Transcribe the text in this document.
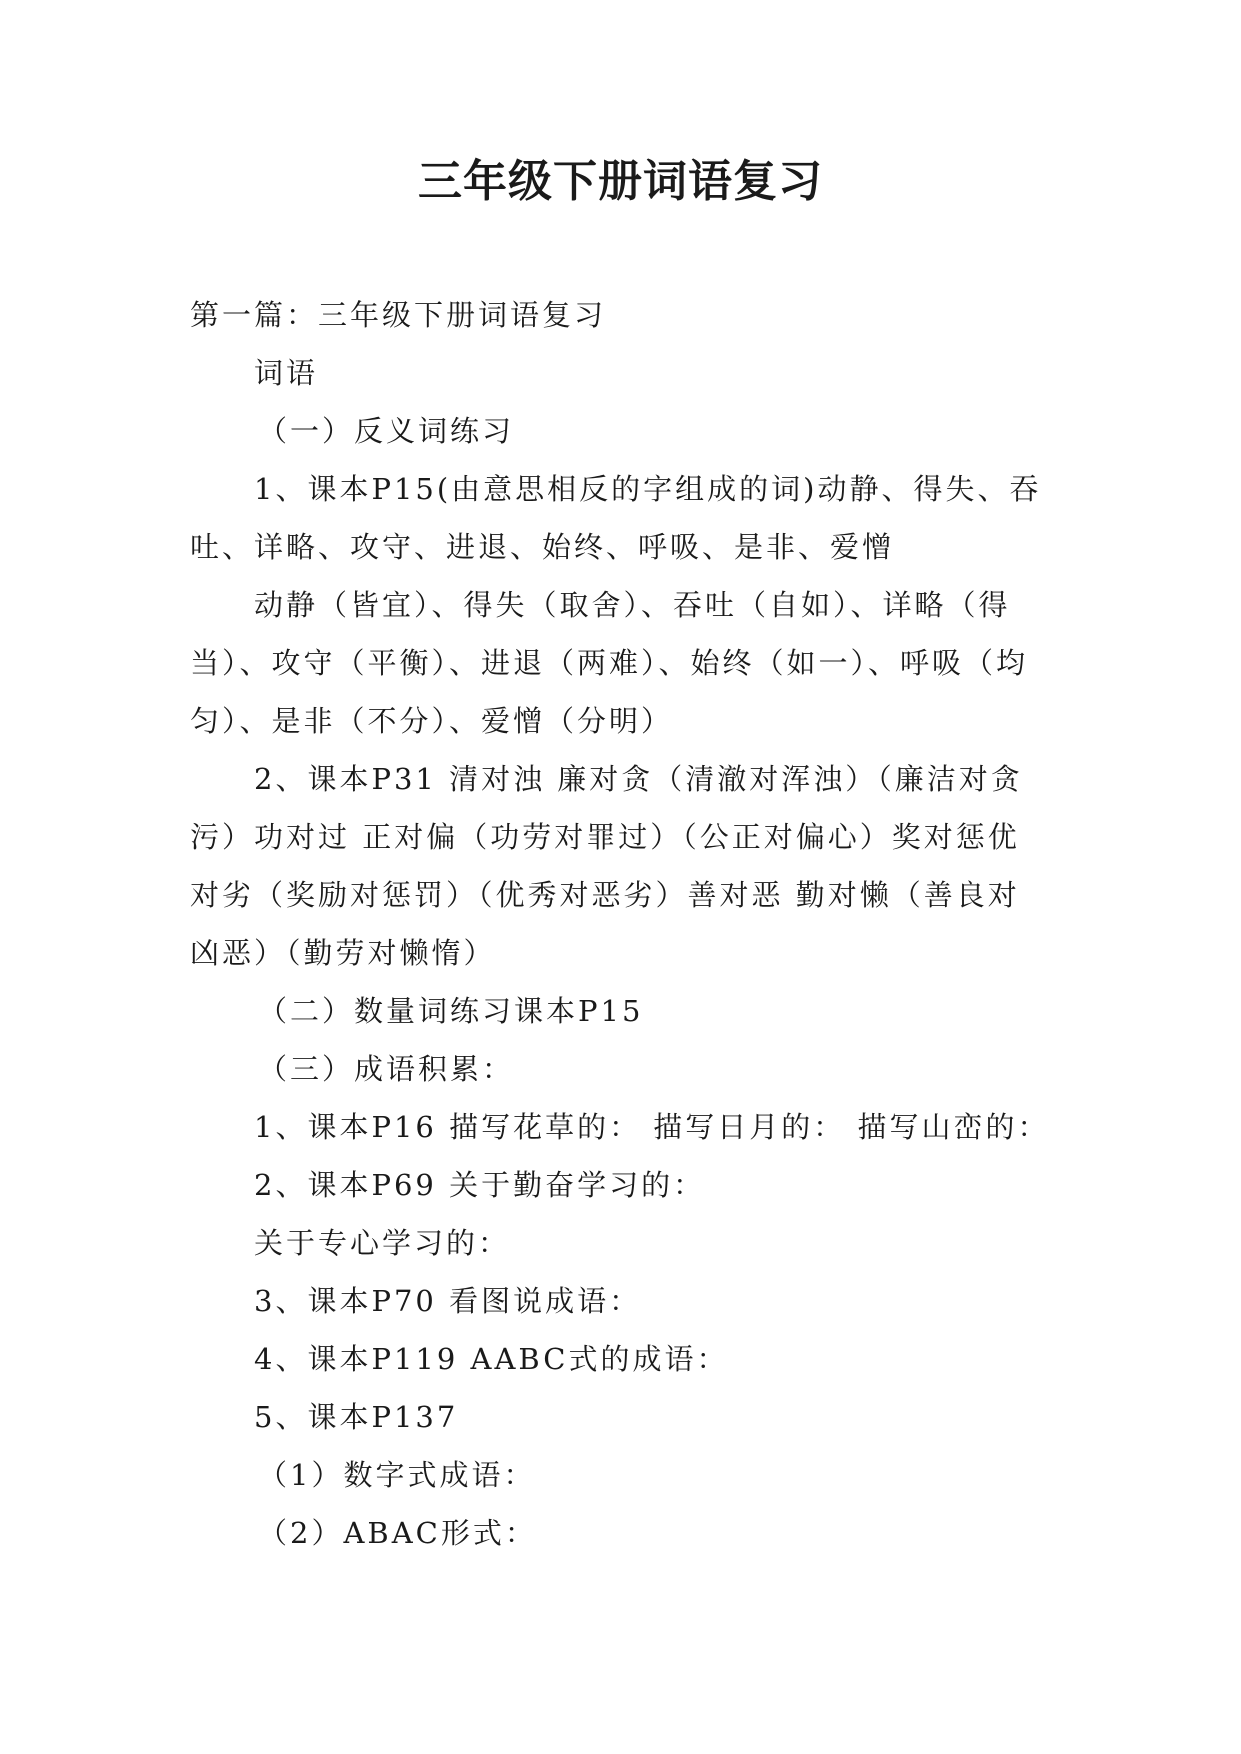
三年级下册词语复习

第一篇：三年级下册词语复习

词语

（一）反义词练习

1、课本P15(由意思相反的字组成的词)动静、得失、吞吐、详略、攻守、进退、始终、呼吸、是非、爱憎

动静（皆宜）、得失（取舍）、吞吐（自如）、详略（得当）、攻守（平衡）、进退（两难）、始终（如一）、呼吸（均匀）、是非（不分）、爱憎（分明）

2、课本P31 清对浊 廉对贪（清澈对浑浊）（廉洁对贪污）功对过 正对偏（功劳对罪过）（公正对偏心）奖对惩优对劣（奖励对惩罚）（优秀对恶劣）善对恶 勤对懒（善良对凶恶）（勤劳对懒惰）

（二）数量词练习课本P15

（三）成语积累：

1、课本P16 描写花草的： 描写日月的： 描写山峦的：

2、课本P69 关于勤奋学习的：

关于专心学习的：

3、课本P70 看图说成语：

4、课本P119 AABC式的成语：

5、课本P137

（1）数字式成语：

（2）ABAC形式：
